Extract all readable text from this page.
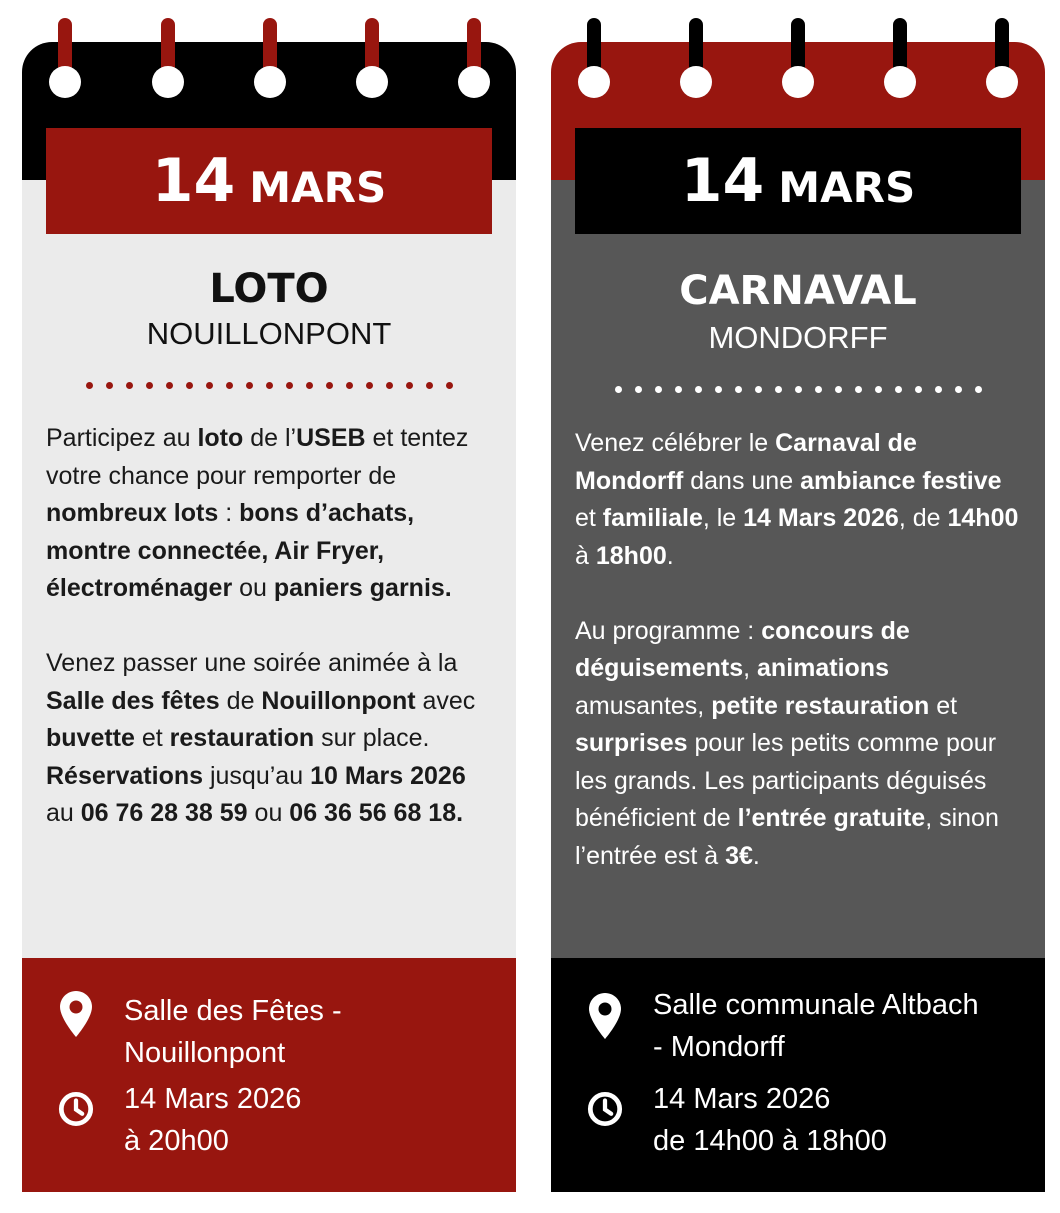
14 MARS
LOTO
NOUILLONPONT

Participez au loto de l’USEB et tentez votre chance pour remporter de nombreux lots : bons d’achats, montre connectée, Air Fryer, électroménager ou paniers garnis.

Venez passer une soirée animée à la Salle des fêtes de Nouillonpont avec buvette et restauration sur place. Réservations jusqu’au 10 Mars 2026 au 06 76 28 38 59 ou 06 36 56 68 18.

Salle des Fêtes -
Nouillonpont
14 Mars 2026
à 20h00
14 MARS
CARNAVAL
MONDORFF

Venez célébrer le Carnaval de Mondorff dans une ambiance festive et familiale, le 14 Mars 2026, de 14h00 à 18h00.

Au programme : concours de déguisements, animations amusantes, petite restauration et surprises pour les petits comme pour les grands. Les participants déguisés bénéficient de l’entrée gratuite, sinon l’entrée est à 3€.

Salle communale Altbach
- Mondorff
14 Mars 2026
de 14h00 à 18h00
